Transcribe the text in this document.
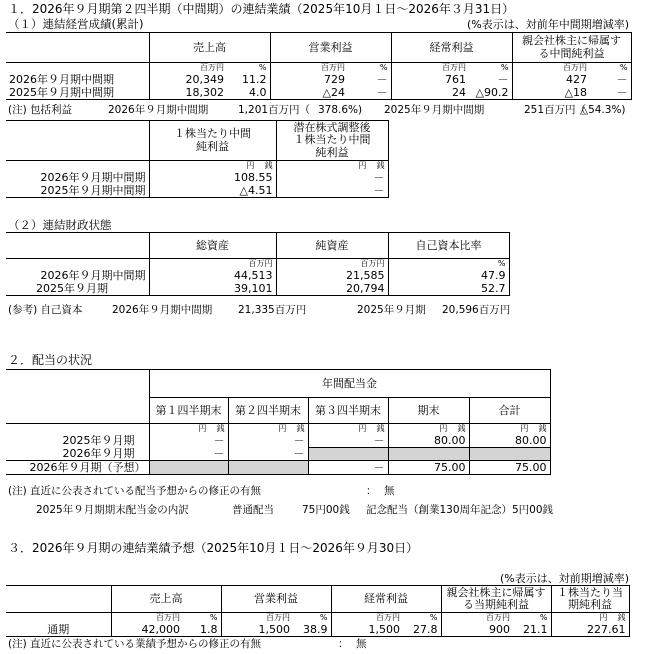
１．2026年９月期第２四半期（中間期）の連結業績（2025年10月１日～2026年３月31日）
（１）連結経営成績(累計)	(%表示は、対前年中間期増減率)
	売上高		営業利益		経常利益		親会社株主に帰属する中間純利益	
	百万円	%	百万円	%	百万円	%	百万円	%
2026年９月期中間期	20,349	11.2	729	－	761	－	427	－
2025年９月期中間期	18,302	4.0	△24	－	24	△90.2	△18	－
(注) 包括利益	2026年９月期中間期	1,201百万円（ 378.6%) 2025年９月期中間期	251百万円（
△54.3%)
	１株当たり中間純利益	潜在株式調整後１株当たり中間純利益
	円 銭	円 銭
2026年９月期中間期	108.55	－
2025年９月期中間期	△4.51	－
（２）連結財政状態
	総資産	純資産	自己資本比率
	百万円	百万円	%
2026年９月期中間期	44,513	21,585	47.9
2025年９月期	39,101	20,794	52.7
(参考) 自己資本	2026年９月期中間期 21,335百万円	2025年９月期 20,596百万円
２．配当の状況
	年間配当金				
	第１四半期末	第２四半期末	第３四半期末	期末	合計
	円 銭	円 銭	円 銭	円 銭	円 銭
2025年９月期	－	－	－	80.00	80.00
2026年９月期	－	－			
2026年９月期（予想）			－	75.00	75.00
(注) 直近に公表されている配当予想からの修正の有無	： 無
2025年９月期期末配当金の内訳	普通配当	75円00銭 記念配当（創業130周年記念） 5円00銭
３．2026年９月期の連結業績予想（2025年10月１日～2026年９月30日）
(%表示は、対前期増減率)
	売上高		営業利益		経常利益		親会社株主に帰属する当期純利益		１株当たり当期純利益
	百万円	%	百万円	%	百万円	%	百万円	%	円 銭
通期	42,000	1.8	1,500	38.9	1,500	27.8	900	21.1	227.61
(注) 直近に公表されている業績予想からの修正の有無	： 無
